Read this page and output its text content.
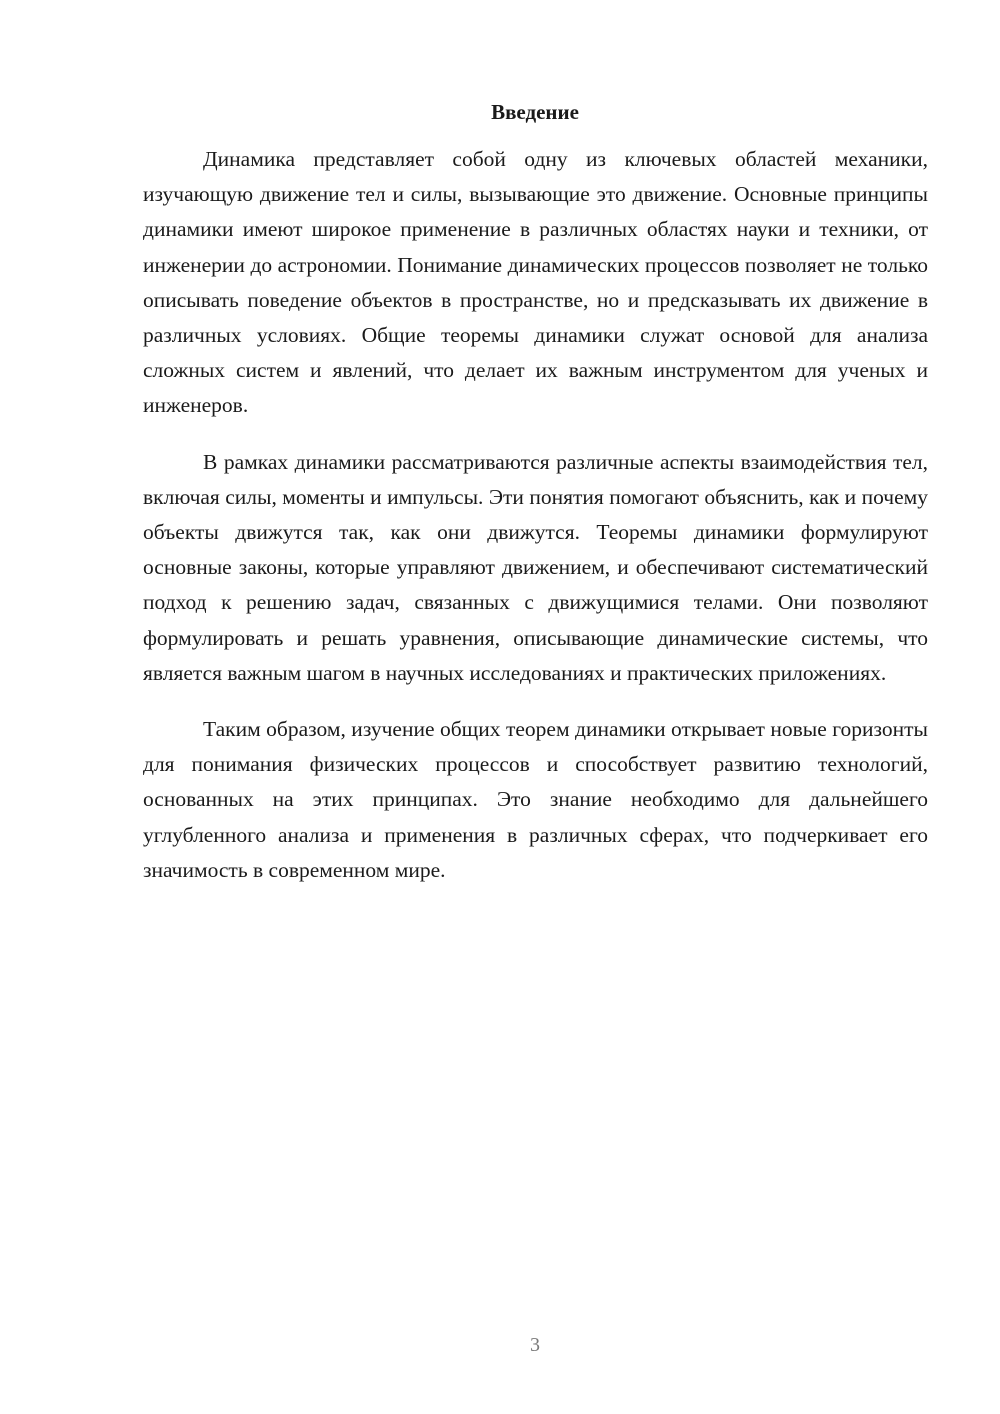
Введение

Динамика представляет собой одну из ключевых областей механики, изучающую движение тел и силы, вызывающие это движение. Основные принципы динамики имеют широкое применение в различных областях науки и техники, от инженерии до астрономии. Понимание динамических процессов позволяет не только описывать поведение объектов в пространстве, но и предсказывать их движение в различных условиях. Общие теоремы динамики служат основой для анализа сложных систем и явлений, что делает их важным инструментом для ученых и инженеров.

В рамках динамики рассматриваются различные аспекты взаимодействия тел, включая силы, моменты и импульсы. Эти понятия помогают объяснить, как и почему объекты движутся так, как они движутся. Теоремы динамики формулируют основные законы, которые управляют движением, и обеспечивают систематический подход к решению задач, связанных с движущимися телами. Они позволяют формулировать и решать уравнения, описывающие динамические системы, что является важным шагом в научных исследованиях и практических приложениях.

Таким образом, изучение общих теорем динамики открывает новые горизонты для понимания физических процессов и способствует развитию технологий, основанных на этих принципах. Это знание необходимо для дальнейшего углубленного анализа и применения в различных сферах, что подчеркивает его значимость в современном мире.

3
